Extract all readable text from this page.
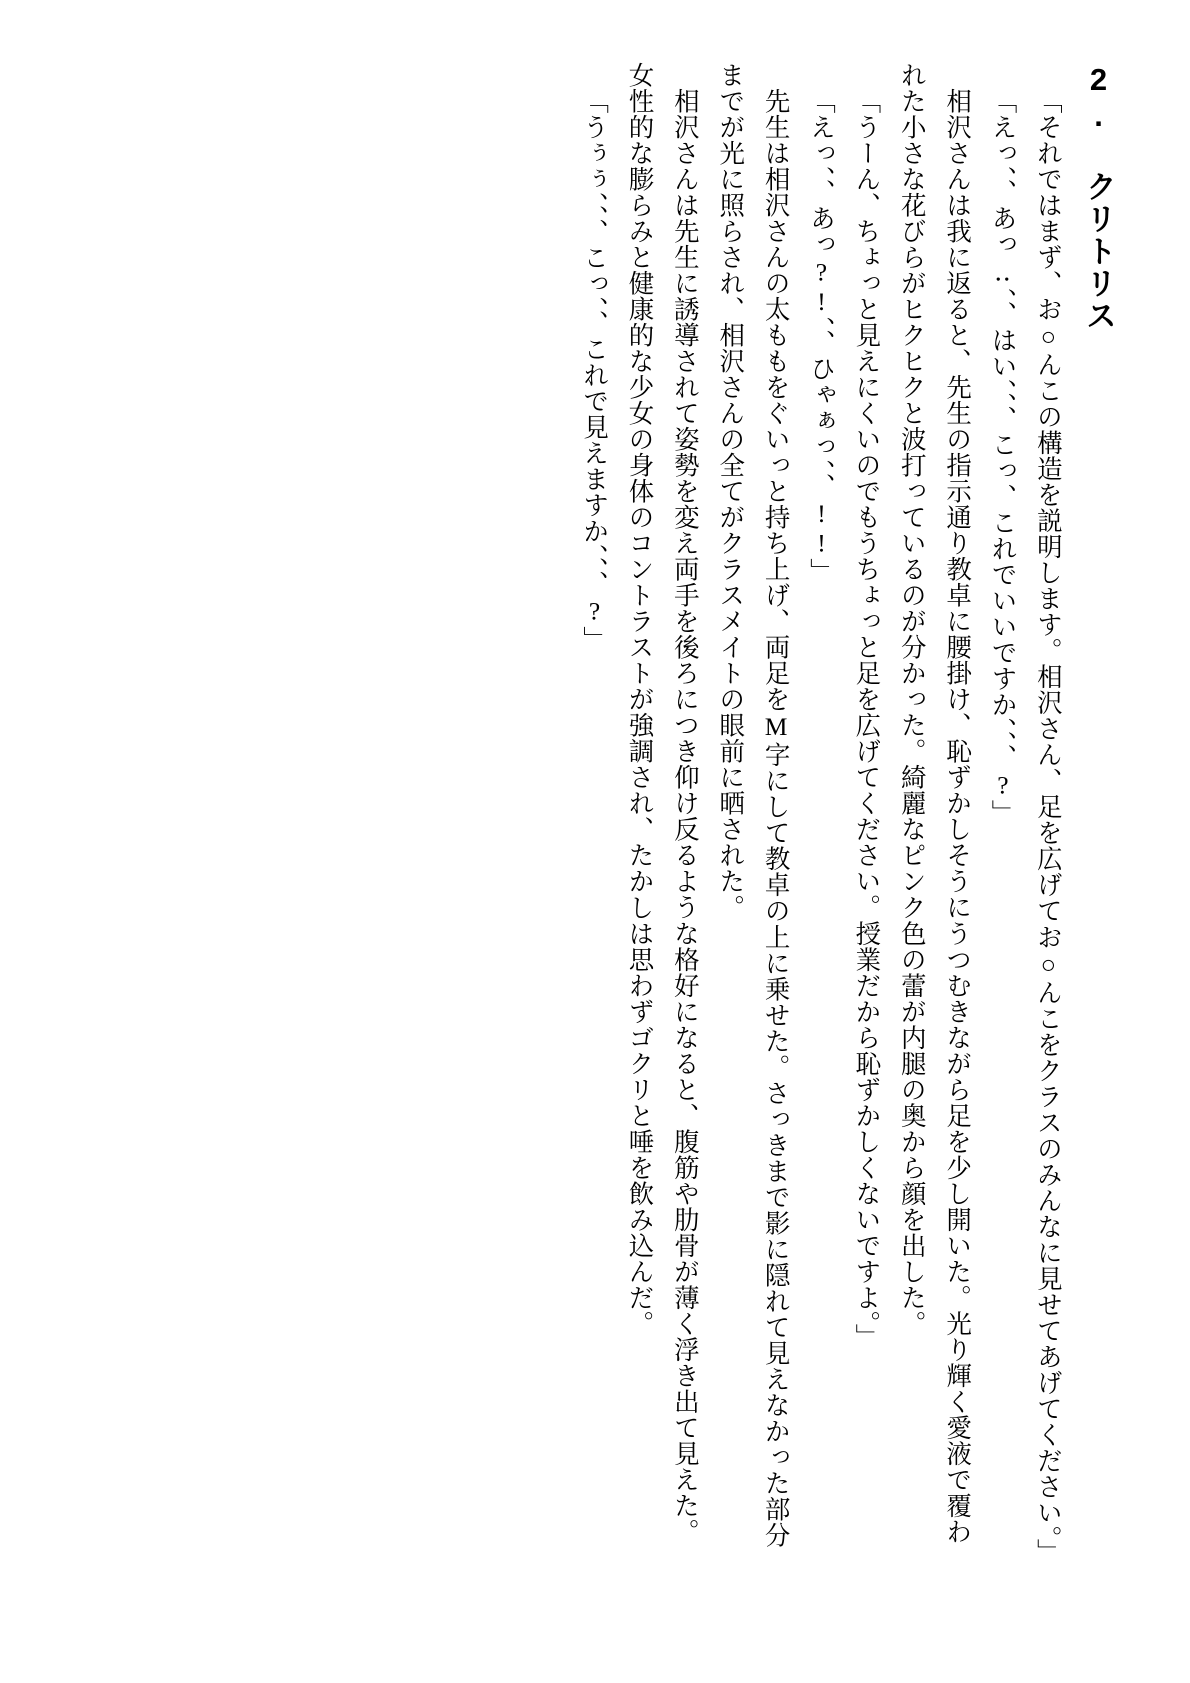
2. クリトリス

「それではまず、お○んこの構造を説明します。相沢さん、足を広げてお○んこをクラスのみんなに見せてあげてください。」

「えっ、、あっ‥、、はい、、、こっ、これでいいですか、、、?」

相沢さんは我に返ると、先生の指示通り教卓に腰掛け、恥ずかしそうにうつむきながら足を少し開いた。光り輝く愛液で覆われた小さな花びらがヒクヒクと波打っているのが分かった。綺麗なピンク色の蕾が内腿の奥から顔を出した。

「うーん、ちょっと見えにくいのでもうちょっと足を広げてください。授業だから恥ずかしくないですよ。」

「えっ、、あっ?!、、ひゃぁっ、、!!」

先生は相沢さんの太ももをぐいっと持ち上げ、両足をM字にして教卓の上に乗せた。さっきまで影に隠れて見えなかった部分までが光に照らされ、相沢さんの全てがクラスメイトの眼前に晒された。

相沢さんは先生に誘導されて姿勢を変え両手を後ろにつき仰け反るような格好になると、腹筋や肋骨が薄く浮き出て見えた。女性的な膨らみと健康的な少女の身体のコントラストが強調され、たかしは思わずゴクリと唾を飲み込んだ。

「うぅぅ、、、こっ、、これで見えますか、、、?」
